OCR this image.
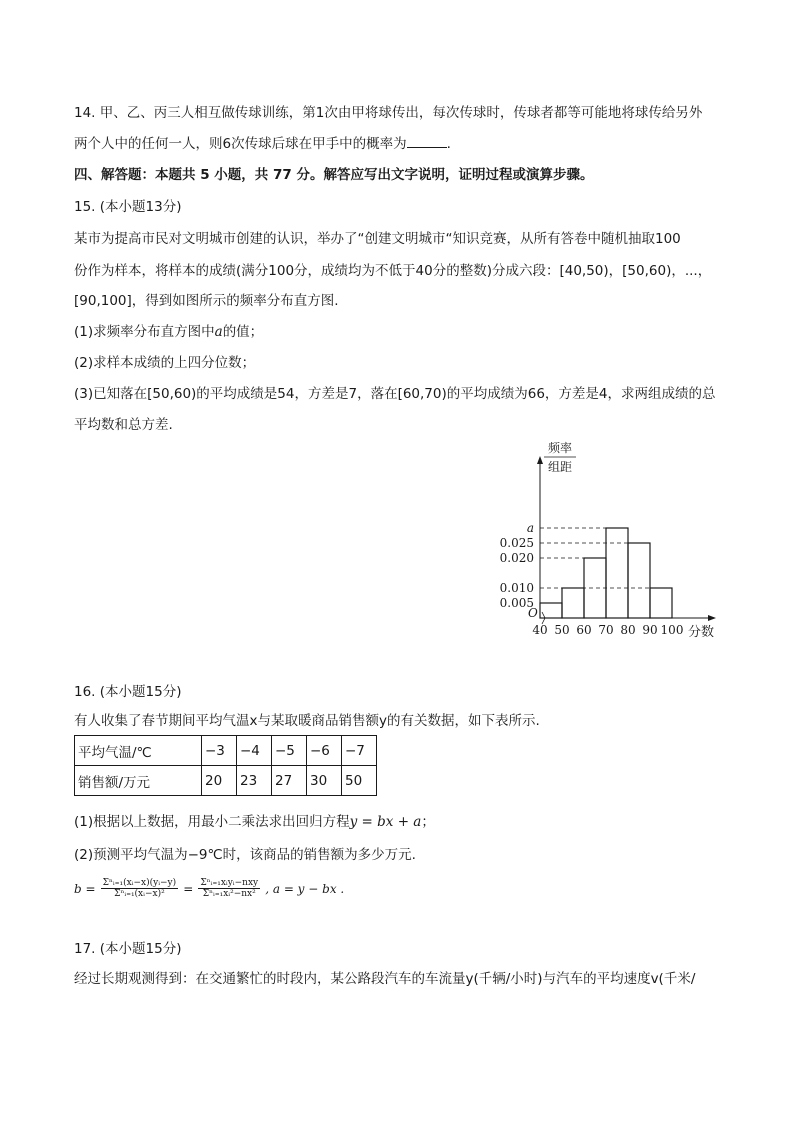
14. 甲、乙、丙三人相互做传球训练，第1次由甲将球传出，每次传球时，传球者都等可能地将球传给另外
两个人中的任何一人，则6次传球后球在甲手中的概率为	.
四、解答题：本题共 5 小题，共 77 分。解答应写出文字说明，证明过程或演算步骤。
15. (本小题13分)
某市为提高市民对文明城市创建的认识，举办了“创建文明城市“知识竞赛，从所有答卷中随机抽取100
份作为样本，将样本的成绩(满分100分，成绩均为不低于40分的整数)分成六段：[40,50)，[50,60)，...，
[90,100]，得到如图所示的频率分布直方图.
(1)求频率分布直方图中a的值；
(2)求样本成绩的上四分位数；
(3)已知落在[50,60)的平均成绩是54，方差是7，落在[60,70)的平均成绩为66，方差是4，求两组成绩的总
平均数和总方差.
0.005
0.010
0.020
0.025
a
40 50 60 70 80 90 100
O
分数
频率
组距
16. (本小题15分)
有人收集了春节期间平均气温x与某取暖商品销售额y的有关数据，如下表所示.
平均气温/℃	−3	−4	−5	−6	−7
销售额/万元	20	23	27	30	50
(1)根据以上数据，用最小二乘法求出回归方程y = bx + a；
(2)预测平均气温为−9℃时，该商品的销售额为多少万元.
$b = \frac{\text{Σⁿᵢ₌₁(xᵢ−x)(yᵢ−y)}}{\text{Σⁿᵢ₌₁(xᵢ−x)²}} = \frac{\text{Σⁿᵢ₌₁xᵢyᵢ−nxy}}{\text{Σⁿᵢ₌₁xᵢ²−nx²}}$ , a = y − bx .
17. (本小题15分)
经过长期观测得到：在交通繁忙的时段内，某公路段汽车的车流量y(千辆/小时)与汽车的平均速度v(千米/
